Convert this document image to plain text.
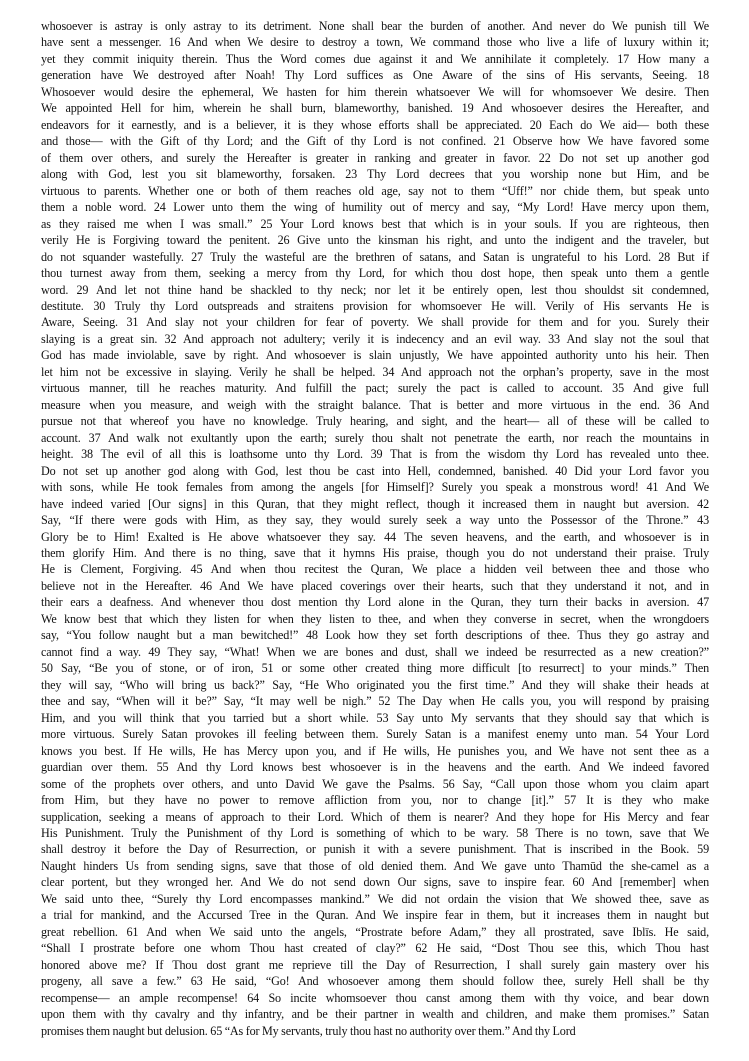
whosoever is astray is only astray to its detriment. None shall bear the burden of another. And never do We punish till We
have sent a messenger. 16 And when We desire to destroy a town, We command those who live a life of luxury within it;
yet they commit iniquity therein. Thus the Word comes due against it and We annihilate it completely. 17 How many a
generation have We destroyed after Noah! Thy Lord suffices as One Aware of the sins of His servants, Seeing. 18
Whosoever would desire the ephemeral, We hasten for him therein whatsoever We will for whomsoever We desire. Then
We appointed Hell for him, wherein he shall burn, blameworthy, banished. 19 And whosoever desires the Hereafter, and
endeavors for it earnestly, and is a believer, it is they whose efforts shall be appreciated. 20 Each do We aid— both these
and those— with the Gift of thy Lord; and the Gift of thy Lord is not confined. 21 Observe how We have favored some
of them over others, and surely the Hereafter is greater in ranking and greater in favor. 22 Do not set up another god
along with God, lest you sit blameworthy, forsaken. 23 Thy Lord decrees that you worship none but Him, and be
virtuous to parents. Whether one or both of them reaches old age, say not to them “Uff!” nor chide them, but speak unto
them a noble word. 24 Lower unto them the wing of humility out of mercy and say, “My Lord! Have mercy upon them,
as they raised me when I was small.” 25 Your Lord knows best that which is in your souls. If you are righteous, then
verily He is Forgiving toward the penitent. 26 Give unto the kinsman his right, and unto the indigent and the traveler, but
do not squander wastefully. 27 Truly the wasteful are the brethren of satans, and Satan is ungrateful to his Lord. 28 But if
thou turnest away from them, seeking a mercy from thy Lord, for which thou dost hope, then speak unto them a gentle
word. 29 And let not thine hand be shackled to thy neck; nor let it be entirely open, lest thou shouldst sit condemned,
destitute. 30 Truly thy Lord outspreads and straitens provision for whomsoever He will. Verily of His servants He is
Aware, Seeing. 31 And slay not your children for fear of poverty. We shall provide for them and for you. Surely their
slaying is a great sin. 32 And approach not adultery; verily it is indecency and an evil way. 33 And slay not the soul that
God has made inviolable, save by right. And whosoever is slain unjustly, We have appointed authority unto his heir. Then
let him not be excessive in slaying. Verily he shall be helped. 34 And approach not the orphan’s property, save in the most
virtuous manner, till he reaches maturity. And fulfill the pact; surely the pact is called to account. 35 And give full
measure when you measure, and weigh with the straight balance. That is better and more virtuous in the end. 36 And
pursue not that whereof you have no knowledge. Truly hearing, and sight, and the heart— all of these will be called to
account. 37 And walk not exultantly upon the earth; surely thou shalt not penetrate the earth, nor reach the mountains in
height. 38 The evil of all this is loathsome unto thy Lord. 39 That is from the wisdom thy Lord has revealed unto thee.
Do not set up another god along with God, lest thou be cast into Hell, condemned, banished. 40 Did your Lord favor you
with sons, while He took females from among the angels [for Himself]? Surely you speak a monstrous word! 41 And We
have indeed varied [Our signs] in this Quran, that they might reflect, though it increased them in naught but aversion. 42
Say, “If there were gods with Him, as they say, they would surely seek a way unto the Possessor of the Throne.” 43
Glory be to Him! Exalted is He above whatsoever they say. 44 The seven heavens, and the earth, and whosoever is in
them glorify Him. And there is no thing, save that it hymns His praise, though you do not understand their praise. Truly
He is Clement, Forgiving. 45 And when thou recitest the Quran, We place a hidden veil between thee and those who
believe not in the Hereafter. 46 And We have placed coverings over their hearts, such that they understand it not, and in
their ears a deafness. And whenever thou dost mention thy Lord alone in the Quran, they turn their backs in aversion. 47
We know best that which they listen for when they listen to thee, and when they converse in secret, when the wrongdoers
say, “You follow naught but a man bewitched!” 48 Look how they set forth descriptions of thee. Thus they go astray and
cannot find a way. 49 They say, “What! When we are bones and dust, shall we indeed be resurrected as a new creation?”
50 Say, “Be you of stone, or of iron, 51 or some other created thing more difficult [to resurrect] to your minds.” Then
they will say, “Who will bring us back?” Say, “He Who originated you the first time.” And they will shake their heads at
thee and say, “When will it be?” Say, “It may well be nigh.” 52 The Day when He calls you, you will respond by praising
Him, and you will think that you tarried but a short while. 53 Say unto My servants that they should say that which is
more virtuous. Surely Satan provokes ill feeling between them. Surely Satan is a manifest enemy unto man. 54 Your Lord
knows you best. If He wills, He has Mercy upon you, and if He wills, He punishes you, and We have not sent thee as a
guardian over them. 55 And thy Lord knows best whosoever is in the heavens and the earth. And We indeed favored
some of the prophets over others, and unto David We gave the Psalms. 56 Say, “Call upon those whom you claim apart
from Him, but they have no power to remove affliction from you, nor to change [it].” 57 It is they who make
supplication, seeking a means of approach to their Lord. Which of them is nearer? And they hope for His Mercy and fear
His Punishment. Truly the Punishment of thy Lord is something of which to be wary. 58 There is no town, save that We
shall destroy it before the Day of Resurrection, or punish it with a severe punishment. That is inscribed in the Book. 59
Naught hinders Us from sending signs, save that those of old denied them. And We gave unto Thamūd the she-camel as a
clear portent, but they wronged her. And We do not send down Our signs, save to inspire fear. 60 And [remember] when
We said unto thee, “Surely thy Lord encompasses mankind.” We did not ordain the vision that We showed thee, save as
a trial for mankind, and the Accursed Tree in the Quran. And We inspire fear in them, but it increases them in naught but
great rebellion. 61 And when We said unto the angels, “Prostrate before Adam,” they all prostrated, save Iblīs. He said,
“Shall I prostrate before one whom Thou hast created of clay?” 62 He said, “Dost Thou see this, which Thou hast
honored above me? If Thou dost grant me reprieve till the Day of Resurrection, I shall surely gain mastery over his
progeny, all save a few.” 63 He said, “Go! And whosoever among them should follow thee, surely Hell shall be thy
recompense— an ample recompense! 64 So incite whomsoever thou canst among them with thy voice, and bear down
upon them with thy cavalry and thy infantry, and be their partner in wealth and children, and make them promises.” Satan
promises them naught but delusion. 65 “As for My servants, truly thou hast no authority over them.” And thy Lord
